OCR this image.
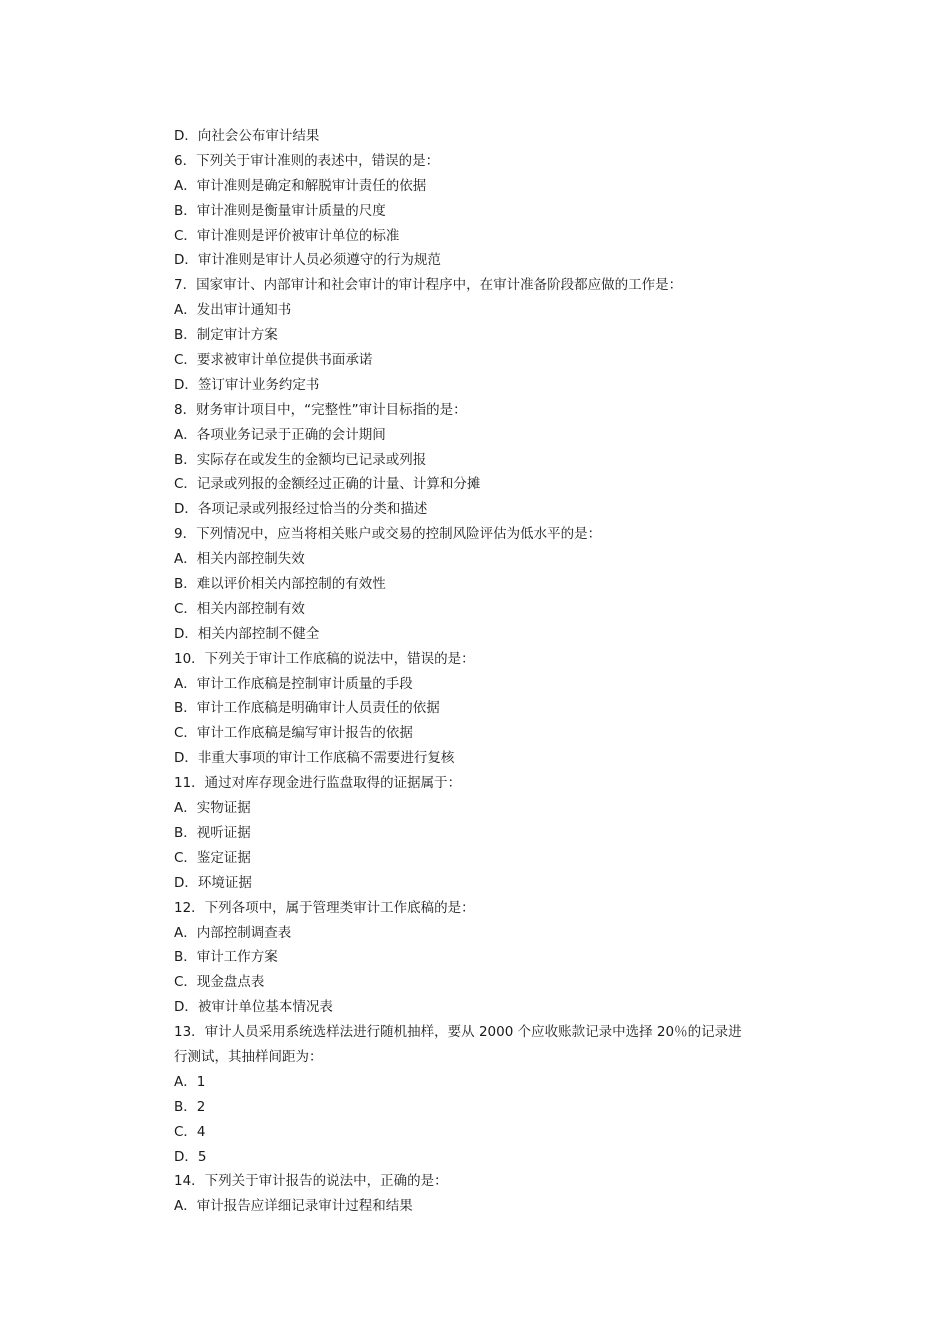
D．向社会公布审计结果
6．下列关于审计准则的表述中，错误的是：
A．审计准则是确定和解脱审计责任的依据
B．审计准则是衡量审计质量的尺度
C．审计准则是评价被审计单位的标准
D．审计准则是审计人员必须遵守的行为规范
7．国家审计、内部审计和社会审计的审计程序中，在审计准备阶段都应做的工作是：
A．发出审计通知书
B．制定审计方案
C．要求被审计单位提供书面承诺
D．签订审计业务约定书
8．财务审计项目中，“完整性”审计目标指的是：
A．各项业务记录于正确的会计期间
B．实际存在或发生的金额均已记录或列报
C．记录或列报的金额经过正确的计量、计算和分摊
D．各项记录或列报经过恰当的分类和描述
9．下列情况中，应当将相关账户或交易的控制风险评估为低水平的是：
A．相关内部控制失效
B．难以评价相关内部控制的有效性
C．相关内部控制有效
D．相关内部控制不健全
10．下列关于审计工作底稿的说法中，错误的是：
A．审计工作底稿是控制审计质量的手段
B．审计工作底稿是明确审计人员责任的依据
C．审计工作底稿是编写审计报告的依据
D．非重大事项的审计工作底稿不需要进行复核
11．通过对库存现金进行监盘取得的证据属于：
A．实物证据
B．视听证据
C．鉴定证据
D．环境证据
12．下列各项中，属于管理类审计工作底稿的是：
A．内部控制调查表
B．审计工作方案
C．现金盘点表
D．被审计单位基本情况表
13．审计人员采用系统选样法进行随机抽样，要从 2000 个应收账款记录中选择 20％的记录进
行测试，其抽样间距为：
A．1
B．2
C．4
D．5
14．下列关于审计报告的说法中，正确的是：
A．审计报告应详细记录审计过程和结果
